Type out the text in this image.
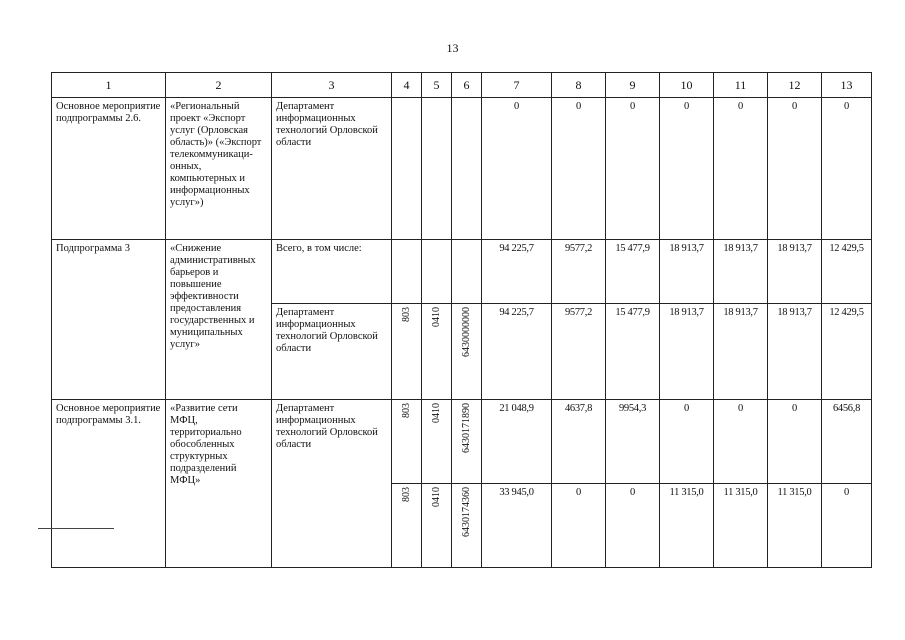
13
1	2	3	4	5	6	7	8	9	10	11	12	13
Основное мероприятие подпрограммы 2.6.	«Региональный проект «Экспорт услуг (Орловская область)» («Экспорт телекоммуникаци-онных, компьютерных и информационных услуг»)	Департамент информационных технологий Орловской области				0	0	0	0	0	0	0
Подпрограмма 3	«Снижение административных барьеров и повышение эффективности предоставления государственных и муниципальных услуг»	Всего, в том числе:				94 225,7	9577,2	15 477,9	18 913,7	18 913,7	18 913,7	12 429,5
		Департамент информационных технологий Орловской области	803	0410	6430000000	94 225,7	9577,2	15 477,9	18 913,7	18 913,7	18 913,7	12 429,5
Основное мероприятие подпрограммы 3.1.	«Развитие сети МФЦ, территориально обособленных структурных подразделений МФЦ»	Департамент информационных технологий Орловской области	803	0410	6430171890	21 048,9	4637,8	9954,3	0	0	0	6456,8

			803	0410	6430174360	33 945,0	0	0	11 315,0	11 315,0	11 315,0	0
